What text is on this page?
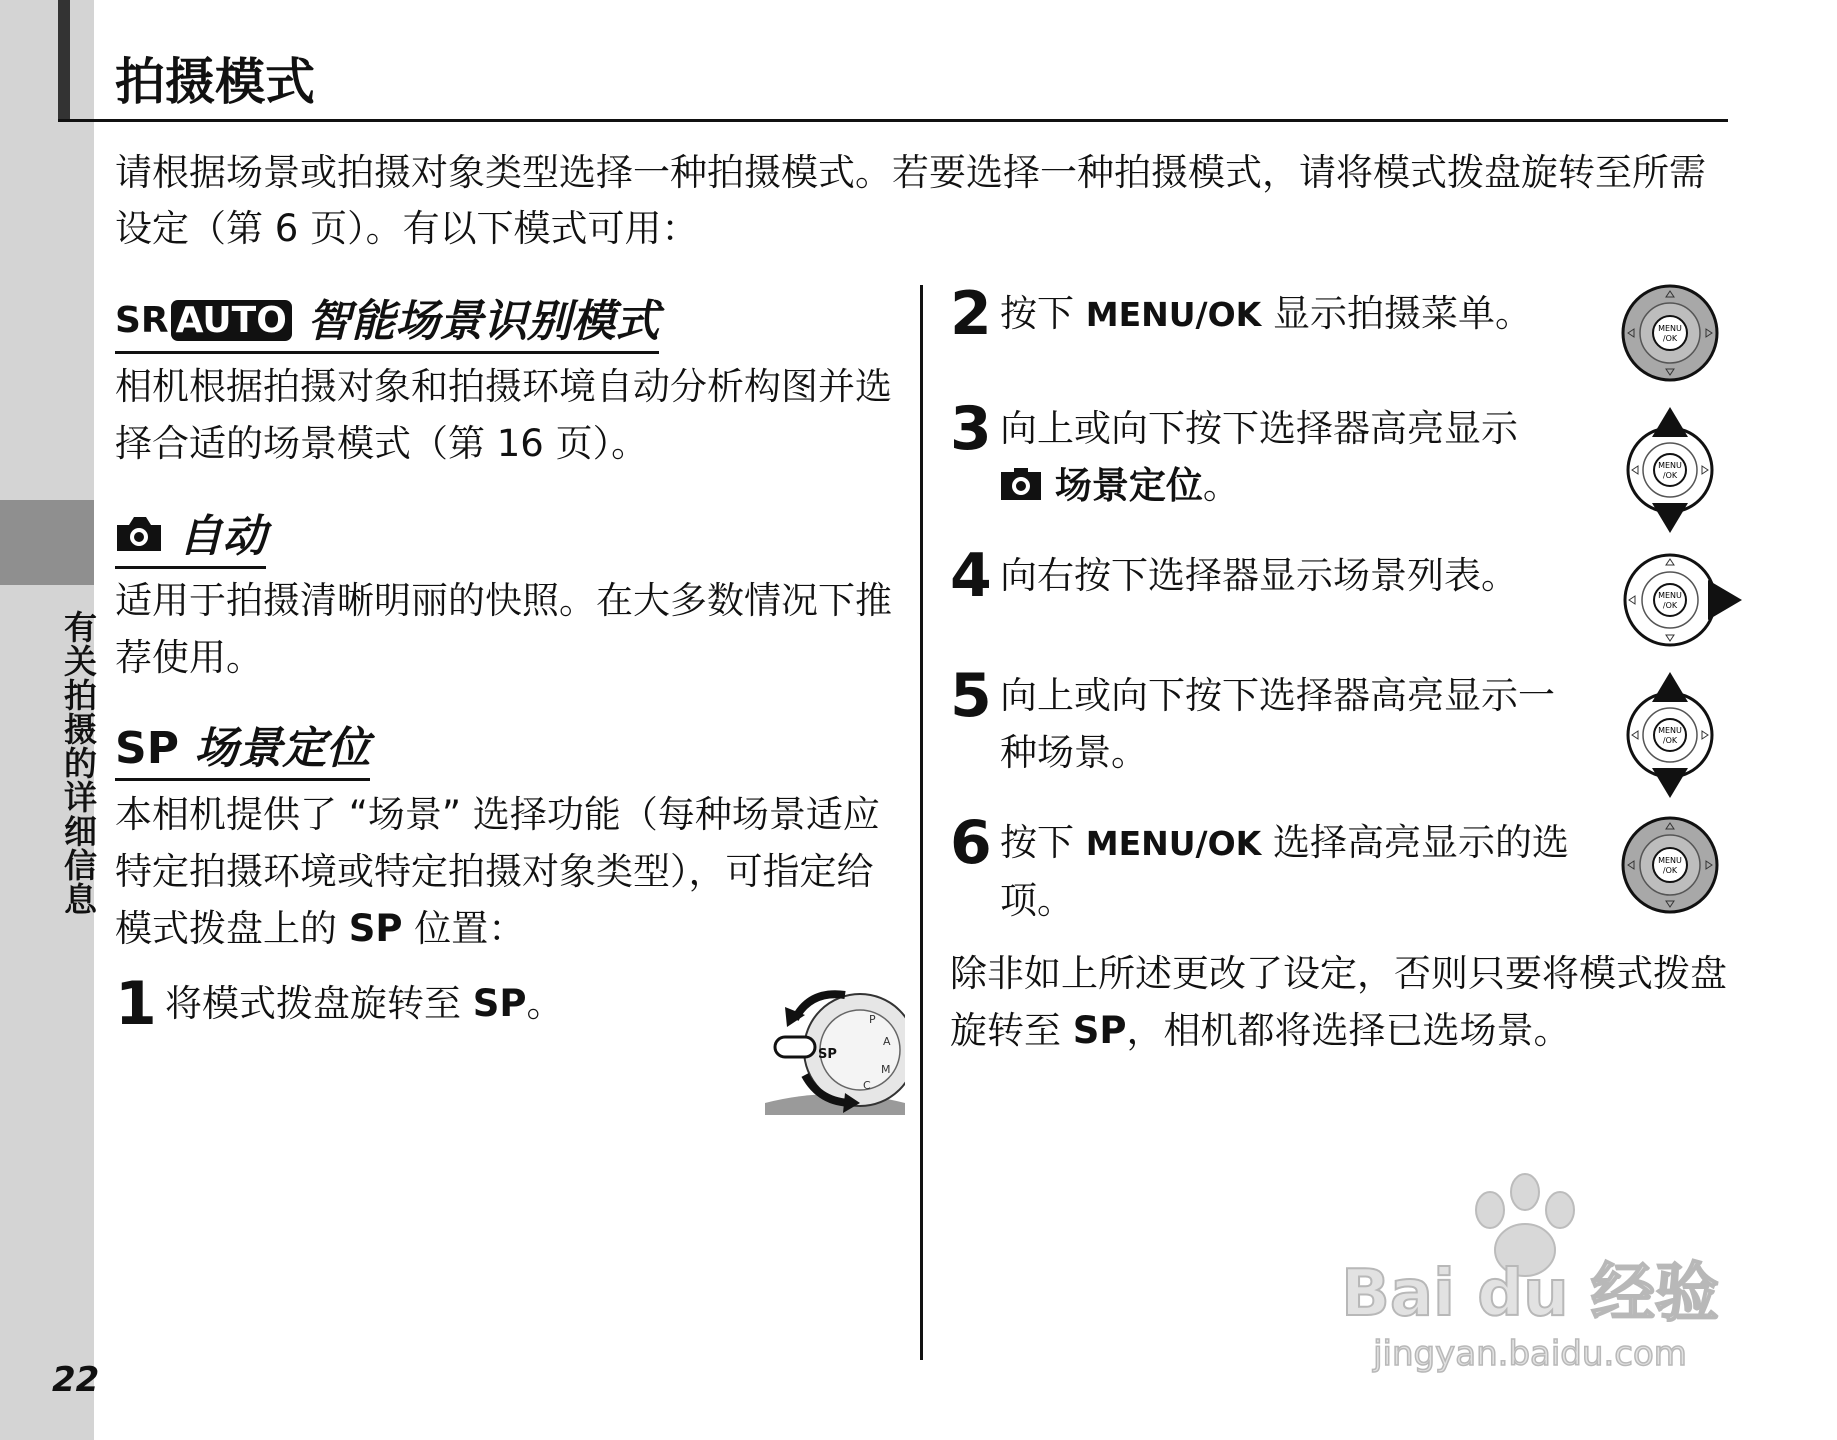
有关拍摄的详细信息
22
拍摄模式

请根据场景或拍摄对象类型选择一种拍摄模式。若要选择一种拍摄模式，请将模式拨盘旋转至所需设定（第 6 页）。有以下模式可用：

SR AUTO 智能场景识别模式

相机根据拍摄对象和拍摄环境自动分析构图并选择合适的场景模式（第 16 页）。

自动

适用于拍摄清晰明丽的快照。在大多数情况下推荐使用。

SP 场景定位

本相机提供了 “场景” 选择功能（每种场景适应特定拍摄环境或特定拍摄对象类型），可指定给模式拨盘上的 SP 位置：

1 将模式拨盘旋转至 SP。

SP
P
A
M
C
2 按下 MENU/OK 显示拍摄菜单。	MENU
/OK
3 向上或向下按下选择器高亮显示
场景定位。	MENU
/OK
4 向右按下选择器显示场景列表。	MENU
/OK
5 向上或向下按下选择器高亮显示一种场景。

MENU
/OK
6 按下 MENU/OK 选择高亮显示的选项。

MENU
/OK

除非如上所述更改了设定，否则只要将模式拨盘旋转至 SP，相机都将选择已选场景。

Bai du 经验
jingyan.baidu.com
